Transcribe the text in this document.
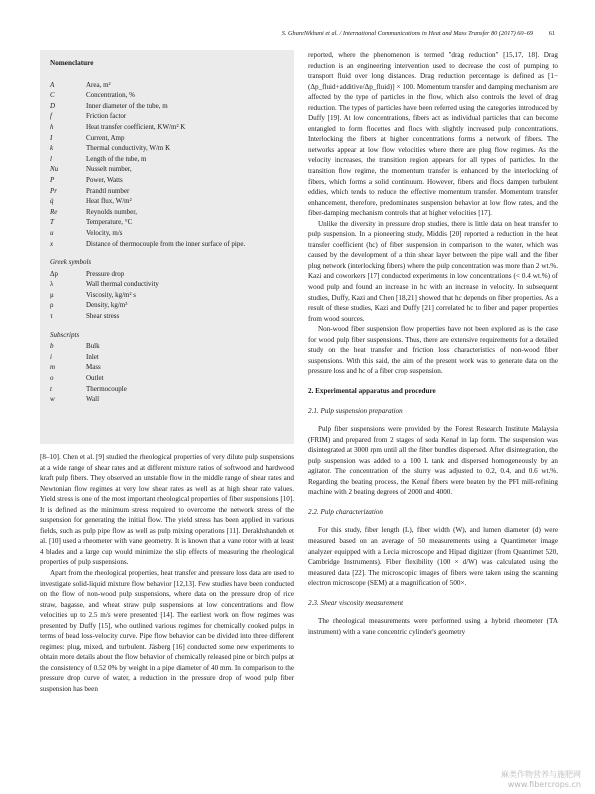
S. GhareNikhani et al. / International Communications in Heat and Mass Transfer 80 (2017) 60–69 61
Nomenclature
A	Area, m²
C	Concentration, %
D	Inner diameter of the tube, m
f	Friction factor
h	Heat transfer coefficient, KW/m² K
I	Current, Amp
k	Thermal conductivity, W/m K
l	Length of the tube, m
Nu	Nusselt number,
P	Power, Watts
Pr	Prandtl number
q̇	Heat flux, W/m²
Re	Reynolds number,
T	Temperature, °C
u	Velocity, m/s
x	Distance of thermocouple from the inner surface of pipe.
Greek symbols
Δp	Pressure drop
λ	Wall thermal conductivity
μ	Viscosity, kg/m² s
ρ	Density, kg/m³
τ	Shear stress
Subscripts
b	Bulk
i	Inlet
m	Mass
o	Outlet
t	Thermocouple
w	Wall

[8–10]. Chen et al. [9] studied the rheological properties of very dilute pulp suspensions at a wide range of shear rates and at different mixture ratios of softwood and hardwood kraft pulp fibers. They observed an unstable flow in the middle range of shear rates and Newtonian flow regimes at very low shear rates as well as at high shear rate values. Yield stress is one of the most important rheological properties of fiber suspensions [10]. It is defined as the minimum stress required to overcome the network stress of the suspension for generating the initial flow. The yield stress has been applied in various fields, such as pulp pipe flow as well as pulp mixing operations [11]. Derakhshandeh et al. [10] used a rheometer with vane geometry. It is known that a vane rotor with at least 4 blades and a large cup would minimize the slip effects of measuring the rheological properties of pulp suspensions.

Apart from the rheological properties, heat transfer and pressure loss data are used to investigate solid-liquid mixture flow behavior [12,13]. Few studies have been conducted on the flow of non-wood pulp suspensions, where data on the pressure drop of rice straw, bagasse, and wheat straw pulp suspensions at low concentrations and flow velocities up to 2.5 m/s were presented [14]. The earliest work on flow regimes was presented by Duffy [15], who outlined various regimes for chemically cooked pulps in terms of head loss-velocity curve. Pipe flow behavior can be divided into three different regimes: plug, mixed, and turbulent. Jäsberg [16] conducted some new experiments to obtain more details about the flow behavior of chemically released pine or birch pulps at the consistency of 0.52 0% by weight in a pipe diameter of 40 mm. In comparison to the pressure drop curve of water, a reduction in the pressure drop of wood pulp fiber suspension has been

reported, where the phenomenon is termed "drag reduction" [15,17, 18]. Drag reduction is an engineering intervention used to decrease the cost of pumping to transport fluid over long distances. Drag reduction percentage is defined as [1−(Δp_fluid+additive/Δp_fluid)] × 100. Momentum transfer and damping mechanism are affected by the type of particles in the flow, which also controls the level of drag reduction. The types of particles have been referred using the categories introduced by Duffy [19]. At low concentrations, fibers act as individual particles that can become entangled to form flocettes and flocs with slightly increased pulp concentrations. Interlocking the fibers at higher concentrations forms a network of fibers. The networks appear at low flow velocities where there are plug flow regimes. As the velocity increases, the transition region appears for all types of particles. In the transition flow regime, the momentum transfer is enhanced by the interlocking of fibers, which forms a solid continuum. However, fibers and flocs dampen turbulent eddies, which tends to reduce the effective momentum transfer. Momentum transfer enhancement, therefore, predominates suspension behavior at low flow rates, and the fiber-damping mechanism controls that at higher velocities [17].

Unlike the diversity in pressure drop studies, there is little data on heat transfer to pulp suspension. In a pioneering study, Middis [20] reported a reduction in the heat transfer coefficient (hc) of fiber suspension in comparison to the water, which was caused by the development of a thin shear layer between the pipe wall and the fiber plug network (interlocking fibers) where the pulp concentration was more than 2 wt.%. Kazi and coworkers [17] conducted experiments in low concentrations (< 0.4 wt.%) of wood pulp and found an increase in hc with an increase in velocity. In subsequent studies, Duffy, Kazi and Chen [18,21] showed that hc depends on fiber properties. As a result of these studies, Kazi and Duffy [21] correlated hc to fiber and paper properties from wood sources.

Non-wood fiber suspension flow properties have not been explored as is the case for wood pulp fiber suspensions. Thus, there are extensive requirements for a detailed study on the heat transfer and friction loss characteristics of non-wood fiber suspensions. With this said, the aim of the present work was to generate data on the pressure loss and hc of a fiber crop suspension.

2. Experimental apparatus and procedure
2.1. Pulp suspension preparation

Pulp fiber suspensions were provided by the Forest Research Institute Malaysia (FRIM) and prepared from 2 stages of soda Kenaf in lap form. The suspension was disintegrated at 3000 rpm until all the fiber bundles dispersed. After disintegration, the pulp suspension was added to a 100 L tank and dispersed homogeneously by an agitator. The concentration of the slurry was adjusted to 0.2, 0.4, and 0.6 wt.%. Regarding the beating process, the Kenaf fibers were beaten by the PFI mill-refining machine with 2 beating degrees of 2000 and 4000.

2.2. Pulp characterization

For this study, fiber length (L), fiber width (W), and lumen diameter (d) were measured based on an average of 50 measurements using a Quantimeter image analyzer equipped with a Lecia microscope and Hipad digitizer (from Quantimet 520, Cambridge Instruments). Fiber flexibility (100 × d/W) was calculated using the measured data [22]. The microscopic images of fibers were taken using the scanning electron microscope (SEM) at a magnification of 500×.

2.3. Shear viscosity measurement

The rheological measurements were performed using a hybrid rheometer (TA instrument) with a vane concentric cylinder's geometry

麻类作物营养与施肥网
www.fibercrops.cn
